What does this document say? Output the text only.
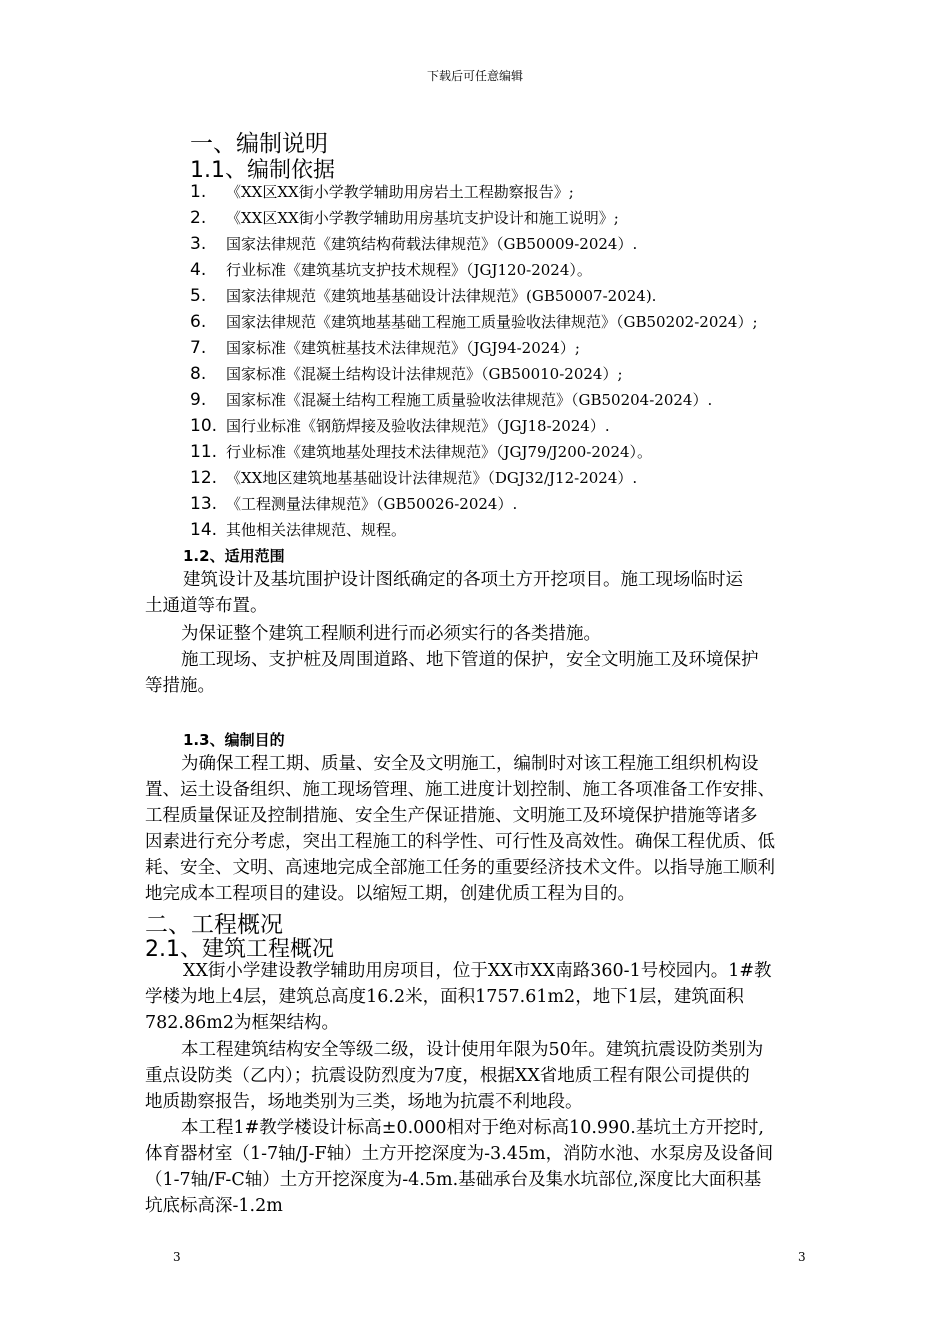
下载后可任意编辑
一、编制说明
1.1、编制依据
1. 《XX区XX街小学教学辅助用房岩土工程勘察报告》;
2. 《XX区XX街小学教学辅助用房基坑支护设计和施工说明》;
3. 国家法律规范《建筑结构荷载法律规范》（GB50009-2024）.
4. 行业标准《建筑基坑支护技术规程》（JGJ120-2024）。
5. 国家法律规范《建筑地基基础设计法律规范》(GB50007-2024).
6. 国家法律规范《建筑地基基础工程施工质量验收法律规范》（GB50202-2024）;
7. 国家标准《建筑桩基技术法律规范》（JGJ94-2024）;
8. 国家标准《混凝土结构设计法律规范》（GB50010-2024）;
9. 国家标准《混凝土结构工程施工质量验收法律规范》（GB50204-2024）.
10. 国行业标准《钢筋焊接及验收法律规范》（JGJ18-2024）.
11. 行业标准《建筑地基处理技术法律规范》（JGJ79/J200-2024）。
12. 《XX地区建筑地基基础设计法律规范》（DGJ32/J12-2024）.
13. 《工程测量法律规范》（GB50026-2024）.
14. 其他相关法律规范、规程。
1.2、适用范围
建筑设计及基坑围护设计图纸确定的各项土方开挖项目。施工现场临时运
土通道等布置。
为保证整个建筑工程顺利进行而必须实行的各类措施。
施工现场、支护桩及周围道路、地下管道的保护，安全文明施工及环境保护
等措施。
1.3、编制目的
为确保工程工期、质量、安全及文明施工，编制时对该工程施工组织机构设
置、运土设备组织、施工现场管理、施工进度计划控制、施工各项准备工作安排、
工程质量保证及控制措施、安全生产保证措施、文明施工及环境保护措施等诸多
因素进行充分考虑，突出工程施工的科学性、可行性及高效性。确保工程优质、低
耗、安全、文明、高速地完成全部施工任务的重要经济技术文件。以指导施工顺利
地完成本工程项目的建设。以缩短工期，创建优质工程为目的。
二、工程概况
2.1、建筑工程概况
XX街小学建设教学辅助用房项目，位于XX市XX南路360-1号校园内。1#教
学楼为地上4层，建筑总高度16.2米，面积1757.61m2，地下1层，建筑面积
782.86m2为框架结构。
本工程建筑结构安全等级二级，设计使用年限为50年。建筑抗震设防类别为
重点设防类（乙内）；抗震设防烈度为7度，根据XX省地质工程有限公司提供的
地质勘察报告，场地类别为三类，场地为抗震不利地段。
本工程1#教学楼设计标高±0.000相对于绝对标高10.990.基坑土方开挖时,
体育器材室（1-7轴/J-F轴）土方开挖深度为-3.45m，消防水池、水泵房及设备间
（1-7轴/F-C轴）土方开挖深度为-4.5m.基础承台及集水坑部位,深度比大面积基
坑底标高深-1.2m
3	3
